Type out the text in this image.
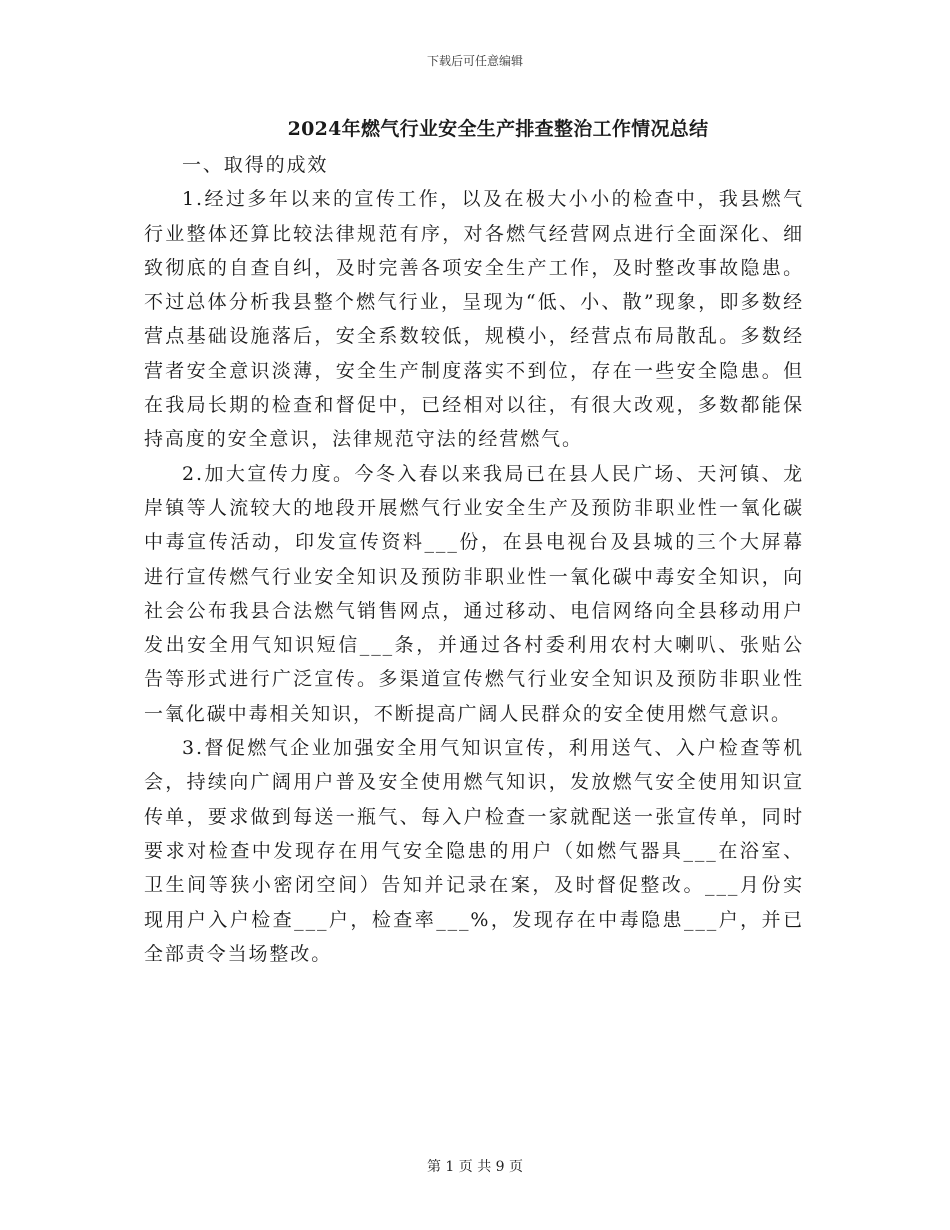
下载后可任意编辑
2024年燃气行业安全生产排查整治工作情况总结

一、取得的成效

1.经过多年以来的宣传工作，以及在极大小小的检查中，我县燃气行业整体还算比较法律规范有序，对各燃气经营网点进行全面深化、细致彻底的自查自纠，及时完善各项安全生产工作，及时整改事故隐患。不过总体分析我县整个燃气行业，呈现为“低、小、散”现象，即多数经营点基础设施落后，安全系数较低，规模小，经营点布局散乱。多数经营者安全意识淡薄，安全生产制度落实不到位，存在一些安全隐患。但在我局长期的检查和督促中，已经相对以往，有很大改观，多数都能保持高度的安全意识，法律规范守法的经营燃气。

2.加大宣传力度。今冬入春以来我局已在县人民广场、天河镇、龙岸镇等人流较大的地段开展燃气行业安全生产及预防非职业性一氧化碳中毒宣传活动，印发宣传资料___份，在县电视台及县城的三个大屏幕进行宣传燃气行业安全知识及预防非职业性一氧化碳中毒安全知识，向社会公布我县合法燃气销售网点，通过移动、电信网络向全县移动用户发出安全用气知识短信___条，并通过各村委利用农村大喇叭、张贴公告等形式进行广泛宣传。多渠道宣传燃气行业安全知识及预防非职业性一氧化碳中毒相关知识，不断提高广阔人民群众的安全使用燃气意识。

3.督促燃气企业加强安全用气知识宣传，利用送气、入户检查等机会，持续向广阔用户普及安全使用燃气知识，发放燃气安全使用知识宣传单，要求做到每送一瓶气、每入户检查一家就配送一张宣传单，同时要求对检查中发现存在用气安全隐患的用户（如燃气器具___在浴室、卫生间等狭小密闭空间）告知并记录在案，及时督促整改。___月份实现用户入户检查___户，检查率___%，发现存在中毒隐患___户，并已全部责令当场整改。

第 1 页 共 9 页
